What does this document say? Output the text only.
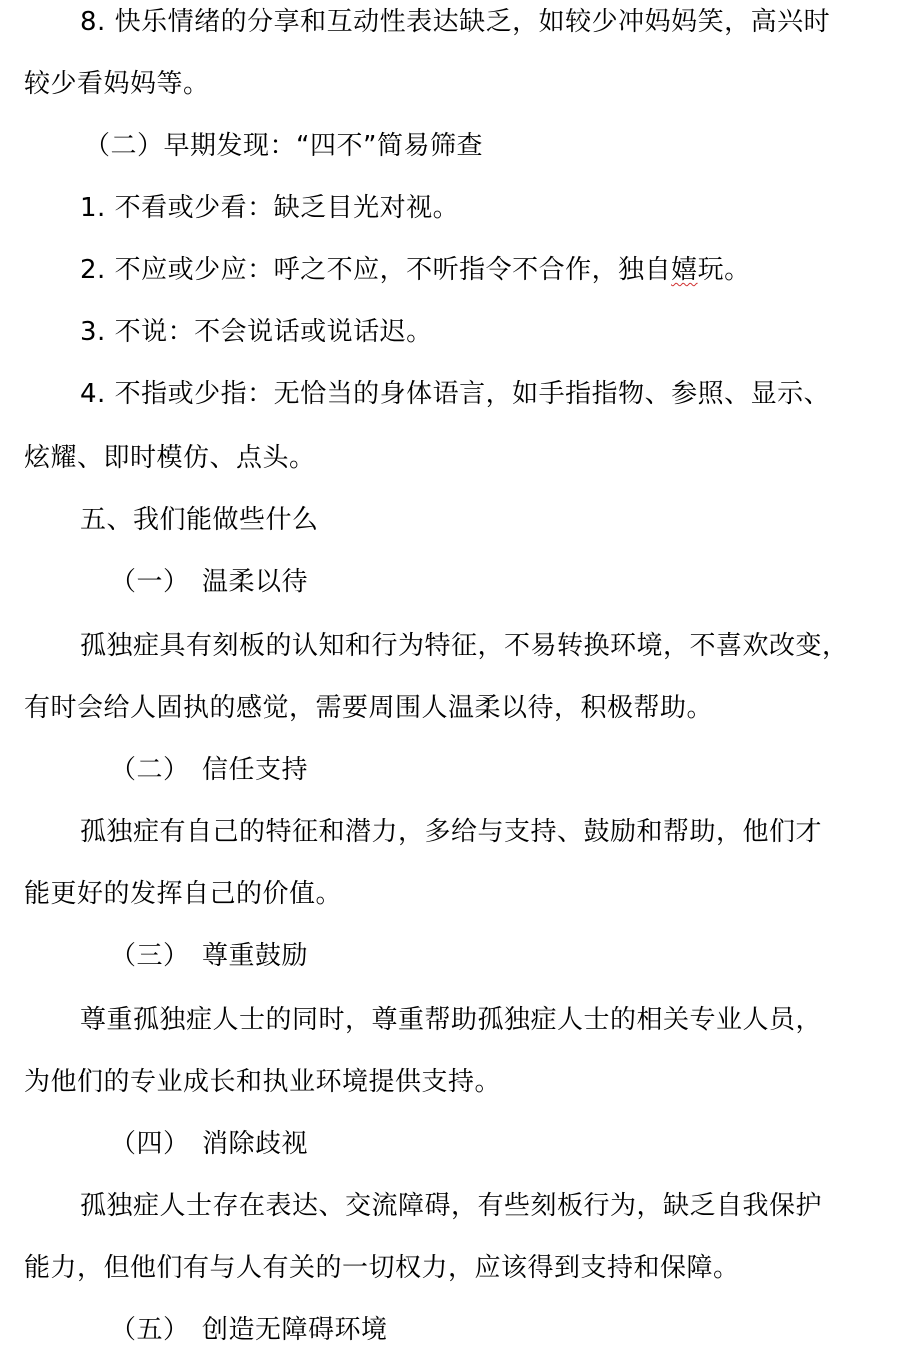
8. 快乐情绪的分享和互动性表达缺乏，如较少冲妈妈笑，高兴时
较少看妈妈等。
（二）早期发现：“四不”简易筛查
1. 不看或少看：缺乏目光对视。
2. 不应或少应：呼之不应，不听指令不合作，独自嬉玩。
3. 不说：不会说话或说话迟。
4. 不指或少指：无恰当的身体语言，如手指指物、参照、显示、
炫耀、即时模仿、点头。
五、我们能做些什么
（一） 温柔以待
孤独症具有刻板的认知和行为特征，不易转换环境，不喜欢改变，
有时会给人固执的感觉，需要周围人温柔以待，积极帮助。
（二） 信任支持
孤独症有自己的特征和潜力，多给与支持、鼓励和帮助，他们才
能更好的发挥自己的价值。
（三） 尊重鼓励
尊重孤独症人士的同时，尊重帮助孤独症人士的相关专业人员，
为他们的专业成长和执业环境提供支持。
（四） 消除歧视
孤独症人士存在表达、交流障碍，有些刻板行为，缺乏自我保护
能力，但他们有与人有关的一切权力，应该得到支持和保障。
（五） 创造无障碍环境
